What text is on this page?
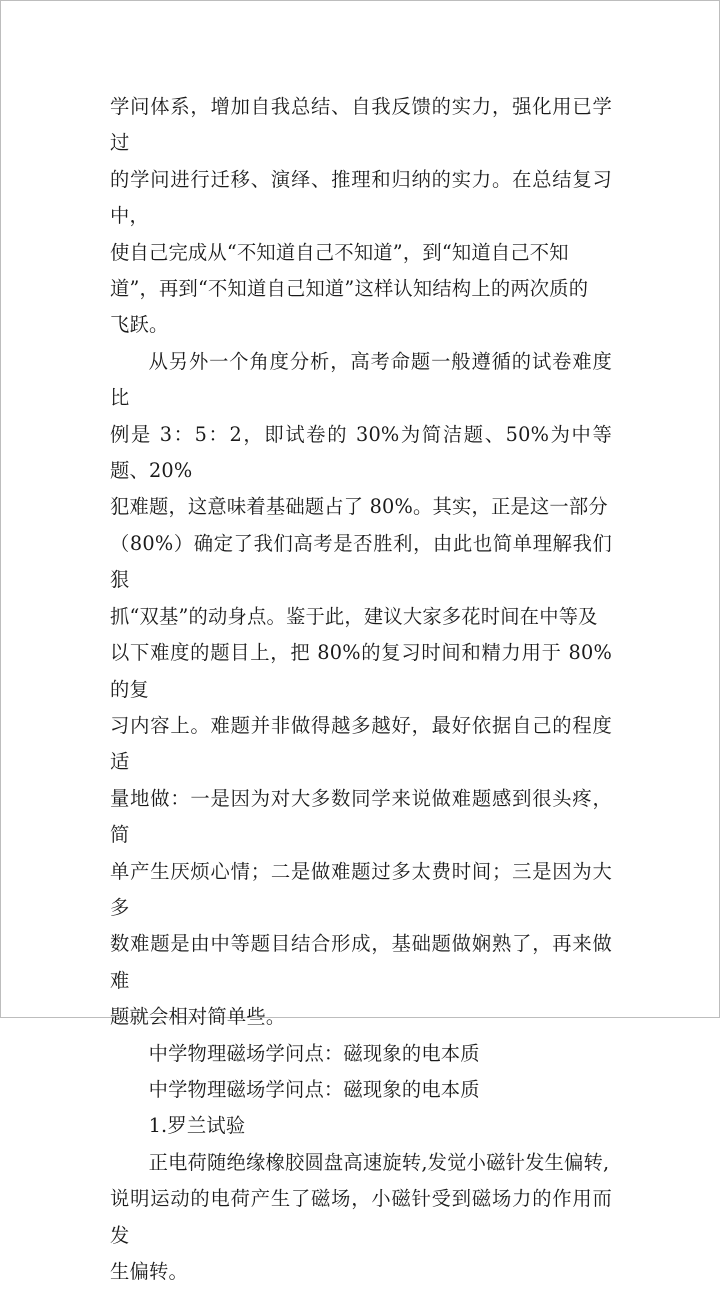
学问体系，增加自我总结、自我反馈的实力，强化用已学过
的学问进行迁移、演绎、推理和归纳的实力。在总结复习中，
使自己完成从“不知道自己不知道”，到“知道自己不知
道”，再到“不知道自己知道”这样认知结构上的两次质的
飞跃。

从另外一个角度分析，高考命题一般遵循的试卷难度比
例是 3：5：2，即试卷的 30%为简洁题、50%为中等题、20%
犯难题，这意味着基础题占了 80%。其实，正是这一部分
（80%）确定了我们高考是否胜利，由此也简单理解我们狠
抓“双基”的动身点。鉴于此，建议大家多花时间在中等及
以下难度的题目上，把 80%的复习时间和精力用于 80%的复
习内容上。难题并非做得越多越好，最好依据自己的程度适
量地做：一是因为对大多数同学来说做难题感到很头疼，简
单产生厌烦心情；二是做难题过多太费时间；三是因为大多
数难题是由中等题目结合形成，基础题做娴熟了，再来做难
题就会相对简单些。

中学物理磁场学问点：磁现象的电本质

中学物理磁场学问点：磁现象的电本质

1.罗兰试验

正电荷随绝缘橡胶圆盘高速旋转,发觉小磁针发生偏转,
说明运动的电荷产生了磁场，小磁针受到磁场力的作用而发
生偏转。
